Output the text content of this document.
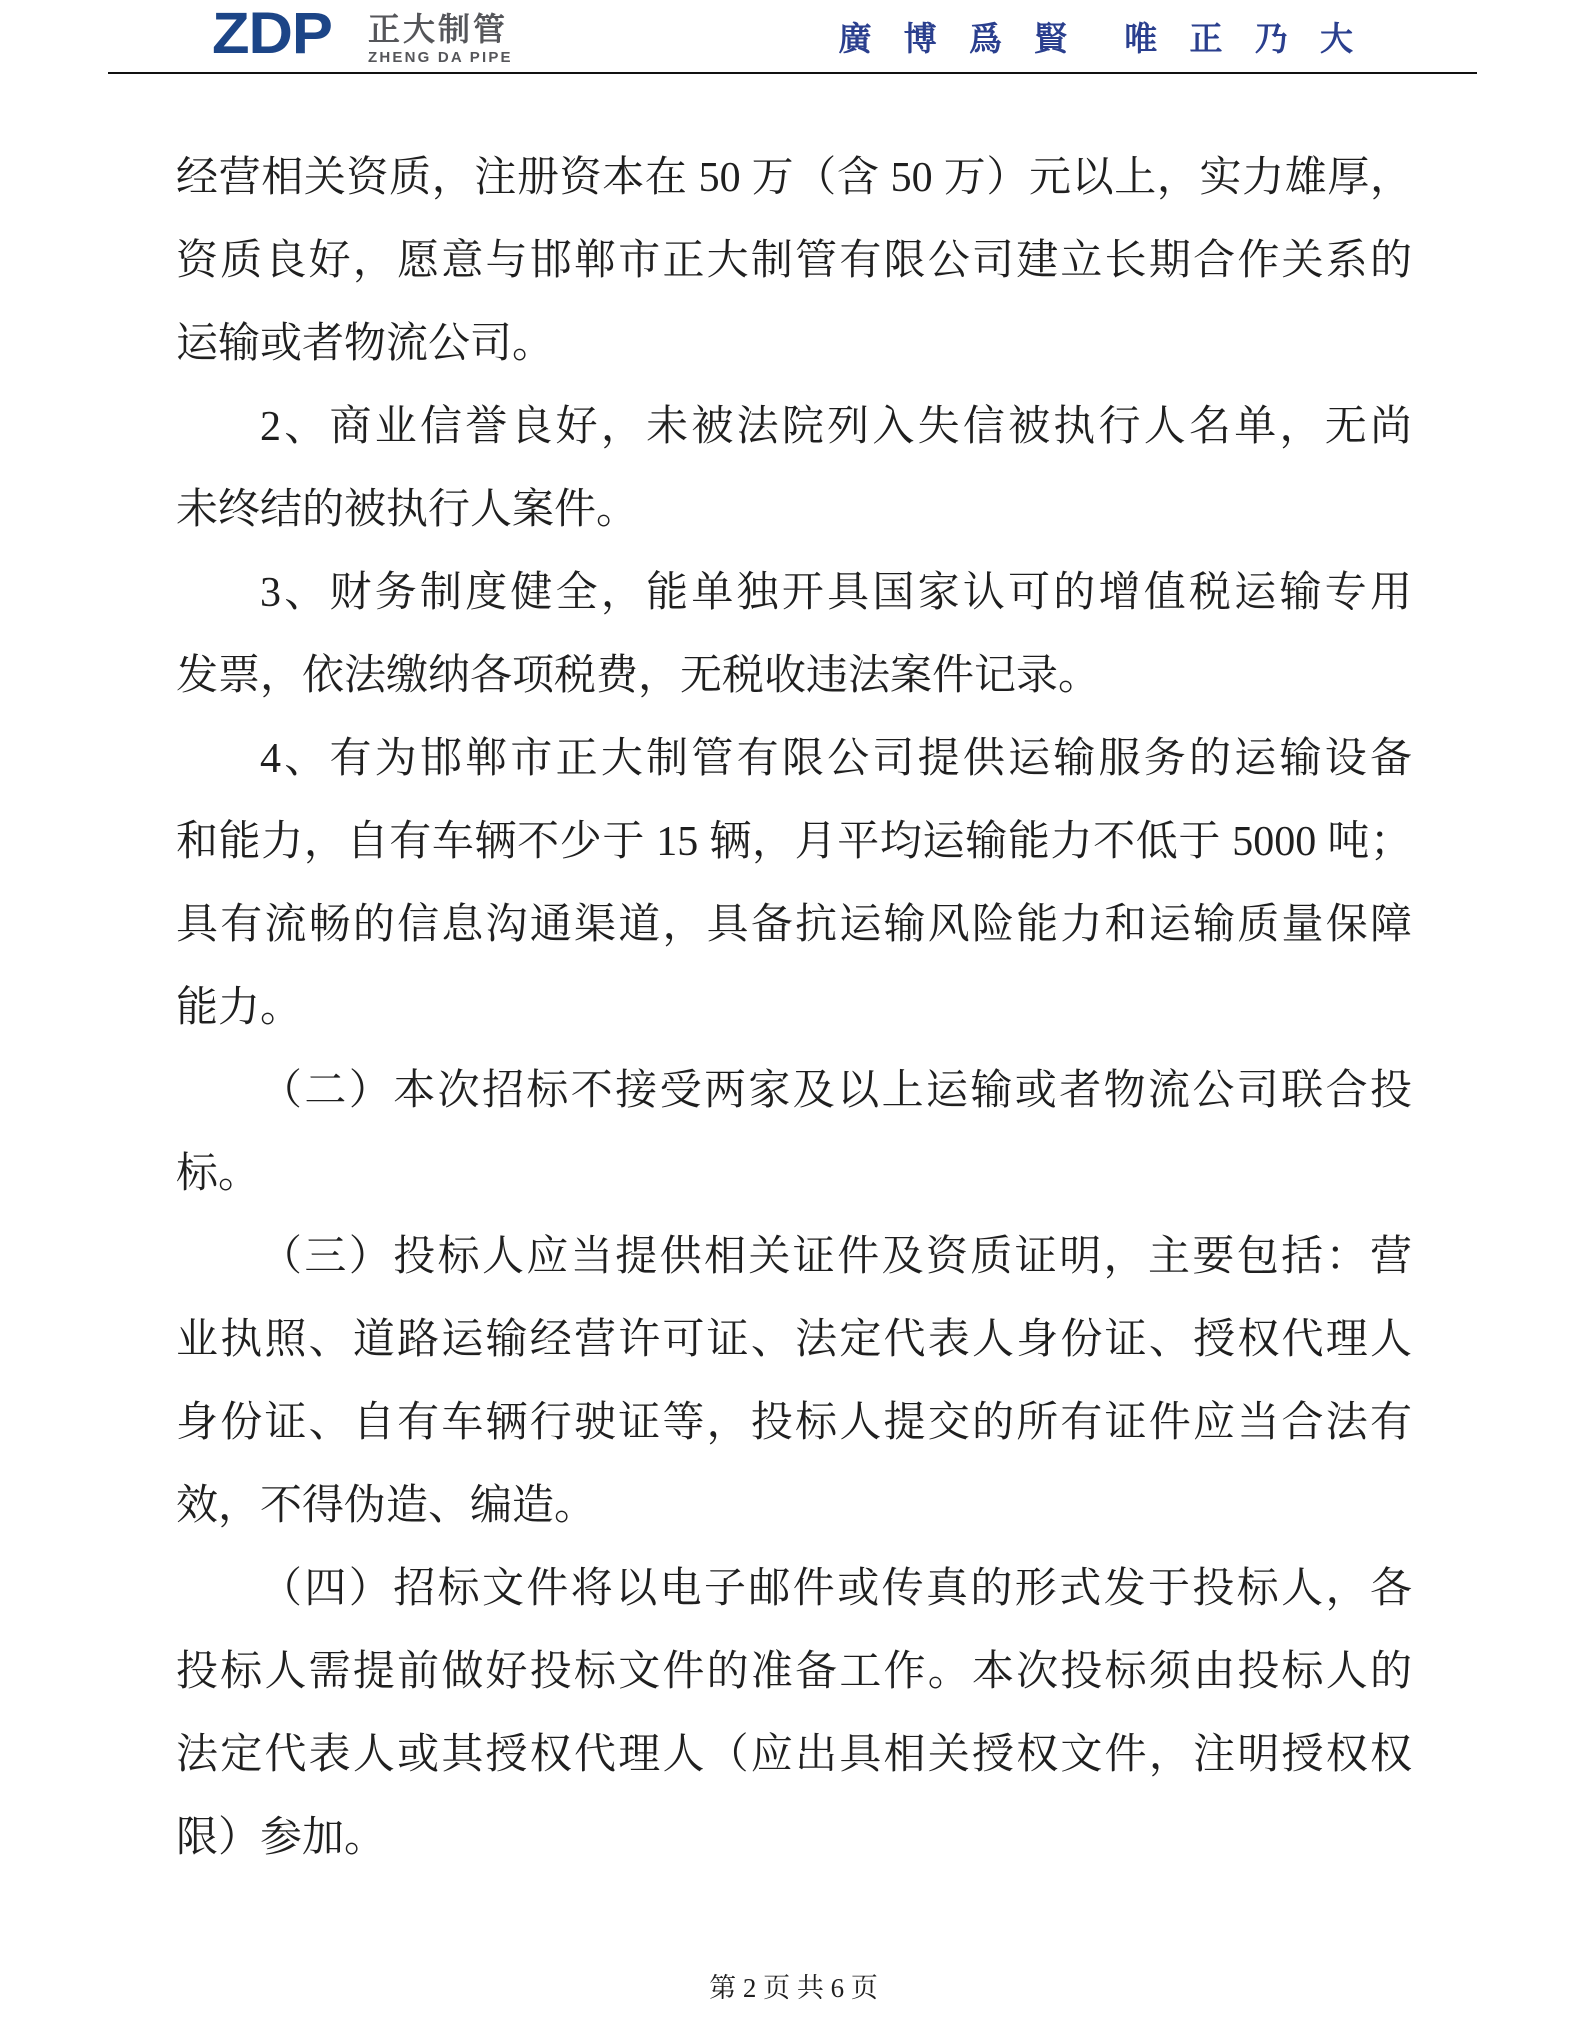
ZDP 正大制管
ZHENG DA PIPE	廣 博 爲 賢　唯 正 乃 大
经营相关资质，注册资本在 50 万（含 50 万）元以上，实力雄厚，
资质良好，愿意与邯郸市正大制管有限公司建立长期合作关系的
运输或者物流公司。
2、商业信誉良好，未被法院列入失信被执行人名单，无尚
未终结的被执行人案件。
3、财务制度健全，能单独开具国家认可的增值税运输专用
发票，依法缴纳各项税费，无税收违法案件记录。
4、有为邯郸市正大制管有限公司提供运输服务的运输设备
和能力，自有车辆不少于 15 辆，月平均运输能力不低于 5000 吨；
具有流畅的信息沟通渠道，具备抗运输风险能力和运输质量保障
能力。
（二）本次招标不接受两家及以上运输或者物流公司联合投
标。
（三）投标人应当提供相关证件及资质证明，主要包括：营
业执照、道路运输经营许可证、法定代表人身份证、授权代理人
身份证、自有车辆行驶证等，投标人提交的所有证件应当合法有
效，不得伪造、编造。
（四）招标文件将以电子邮件或传真的形式发于投标人，各
投标人需提前做好投标文件的准备工作。本次投标须由投标人的
法定代表人或其授权代理人（应出具相关授权文件，注明授权权
限）参加。
第 2 页 共 6 页
